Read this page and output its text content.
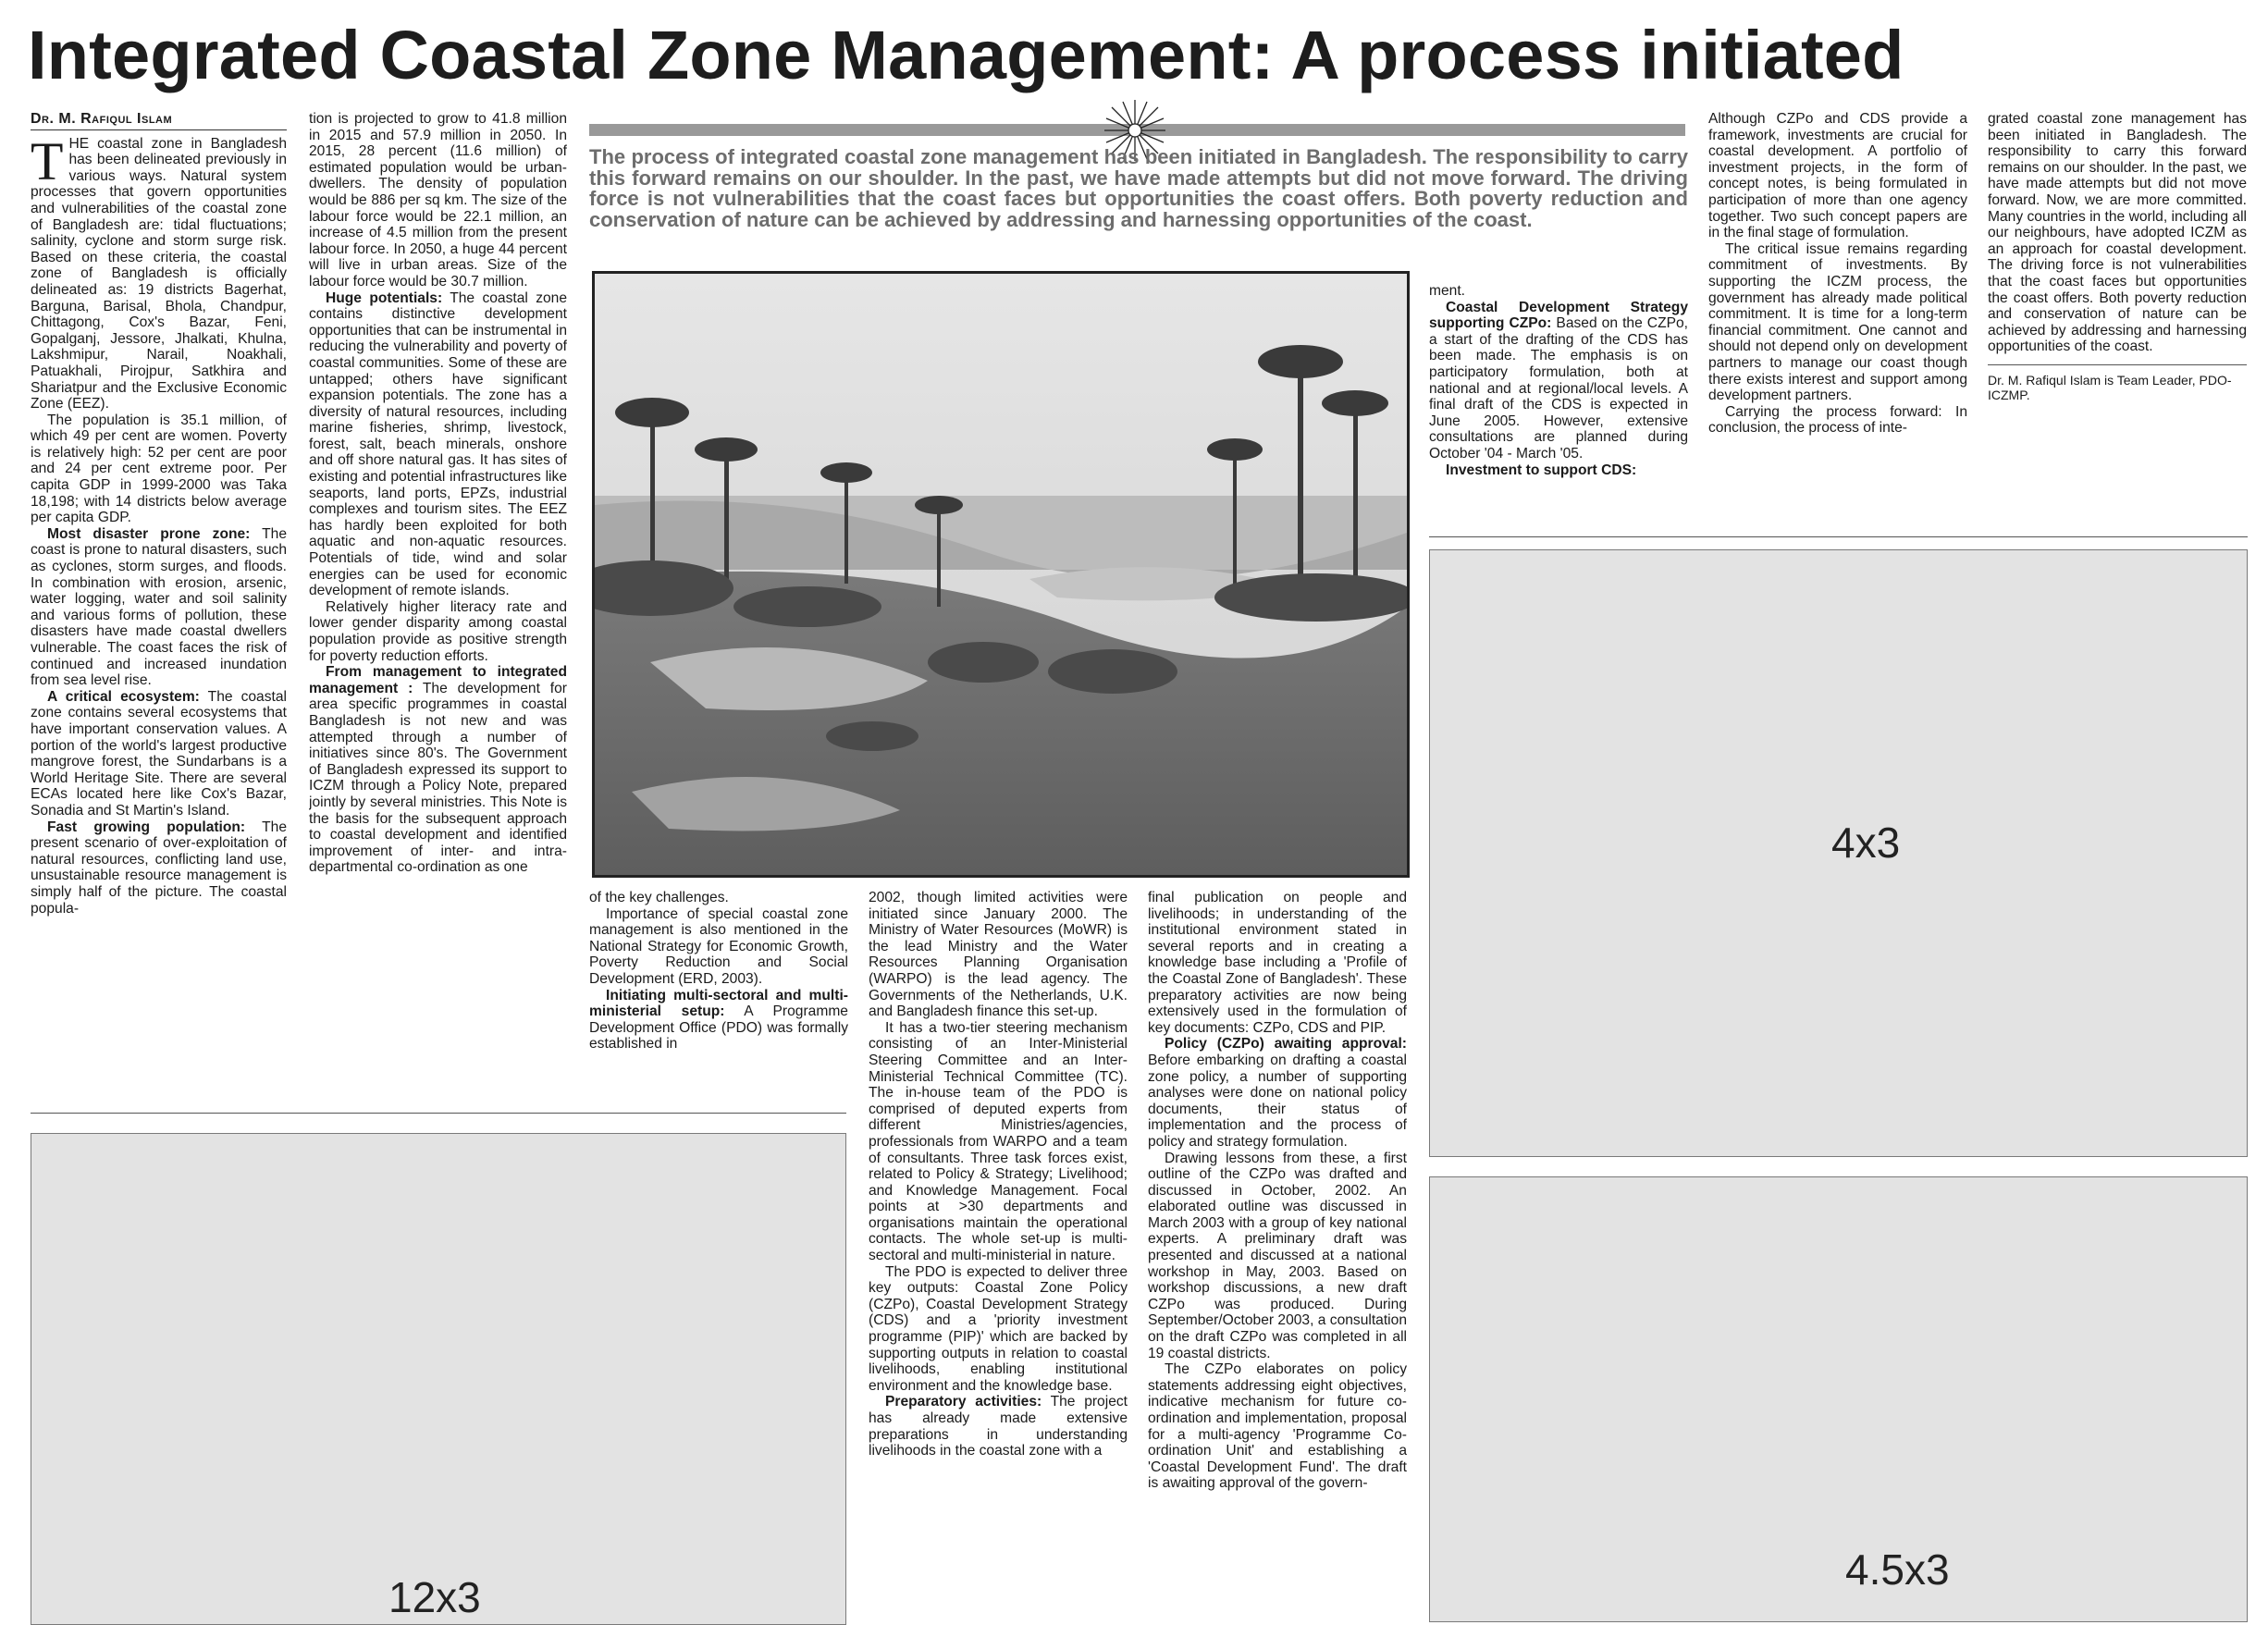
Integrated Coastal Zone Management: A process initiated
Dr. M. Rafiqul Islam

THE coastal zone in Bangladesh has been delineated previously in various ways. Natural system processes that govern opportunities and vulnerabilities of the coastal zone of Bangladesh are: tidal fluctuations; salinity, cyclone and storm surge risk. Based on these criteria, the coastal zone of Bangladesh is officially delineated as: 19 districts Bagerhat, Barguna, Barisal, Bhola, Chandpur, Chittagong, Cox's Bazar, Feni, Gopalganj, Jessore, Jhalkati, Khulna, Lakshmipur, Narail, Noakhali, Patuakhali, Pirojpur, Satkhira and Shariatpur and the Exclusive Economic Zone (EEZ).

The population is 35.1 million, of which 49 per cent are women. Poverty is relatively high: 52 per cent are poor and 24 per cent extreme poor. Per capita GDP in 1999-2000 was Taka 18,198; with 14 districts below average per capita GDP.

Most disaster prone zone: The coast is prone to natural disasters, such as cyclones, storm surges, and floods. In combination with erosion, arsenic, water logging, water and soil salinity and various forms of pollution, these disasters have made coastal dwellers vulnerable. The coast faces the risk of continued and increased inundation from sea level rise.

A critical ecosystem: The coastal zone contains several ecosystems that have important conservation values. A portion of the world's largest productive mangrove forest, the Sundarbans is a World Heritage Site. There are several ECAs located here like Cox's Bazar, Sonadia and St Martin's Island.

Fast growing population: The present scenario of over-exploitation of natural resources, conflicting land use, unsustainable resource management is simply half of the picture. The coastal popula-

tion is projected to grow to 41.8 million in 2015 and 57.9 million in 2050. In 2015, 28 percent (11.6 million) of estimated population would be urban-dwellers. The density of population would be 886 per sq km. The size of the labour force would be 22.1 million, an increase of 4.5 million from the present labour force. In 2050, a huge 44 percent will live in urban areas. Size of the labour force would be 30.7 million.

Huge potentials: The coastal zone contains distinctive development opportunities that can be instrumental in reducing the vulnerability and poverty of coastal communities. Some of these are untapped; others have significant expansion potentials. The zone has a diversity of natural resources, including marine fisheries, shrimp, livestock, forest, salt, beach minerals, onshore and off shore natural gas. It has sites of existing and potential infrastructures like seaports, land ports, EPZs, industrial complexes and tourism sites. The EEZ has hardly been exploited for both aquatic and non-aquatic resources. Potentials of tide, wind and solar energies can be used for economic development of remote islands.

Relatively higher literacy rate and lower gender disparity among coastal population provide as positive strength for poverty reduction efforts.

From management to integrated management : The development for area specific programmes in coastal Bangladesh is not new and was attempted through a number of initiatives since 80's. The Government of Bangladesh expressed its support to ICZM through a Policy Note, prepared jointly by several ministries. This Note is the basis for the subsequent approach to coastal development and identified improvement of inter- and intra-departmental co-ordination as one

The process of integrated coastal zone management has been initiated in Bangladesh. The responsibility to carry this forward remains on our shoulder. In the past, we have made attempts but did not move forward. The driving force is not vulnerabilities that the coast faces but opportunities the coast offers. Both poverty reduction and conservation of nature can be achieved by addressing and harnessing opportunities of the coast.

of the key challenges.

Importance of special coastal zone management is also mentioned in the National Strategy for Economic Growth, Poverty Reduction and Social Development (ERD, 2003).

Initiating multi-sectoral and multi-ministerial setup: A Programme Development Office (PDO) was formally established in

2002, though limited activities were initiated since January 2000. The Ministry of Water Resources (MoWR) is the lead Ministry and the Water Resources Planning Organisation (WARPO) is the lead agency. The Governments of the Netherlands, U.K. and Bangladesh finance this set-up.

It has a two-tier steering mechanism consisting of an Inter-Ministerial Steering Committee and an Inter-Ministerial Technical Committee (TC). The in-house team of the PDO is comprised of deputed experts from different Ministries/agencies, professionals from WARPO and a team of consultants. Three task forces exist, related to Policy & Strategy; Livelihood; and Knowledge Management. Focal points at >30 departments and organisations maintain the operational contacts. The whole set-up is multi-sectoral and multi-ministerial in nature.

The PDO is expected to deliver three key outputs: Coastal Zone Policy (CZPo), Coastal Development Strategy (CDS) and a 'priority investment programme (PIP)' which are backed by supporting outputs in relation to coastal livelihoods, enabling institutional environment and the knowledge base.

Preparatory activities: The project has already made extensive preparations in understanding livelihoods in the coastal zone with a

final publication on people and livelihoods; in understanding of the institutional environment stated in several reports and in creating a knowledge base including a 'Profile of the Coastal Zone of Bangladesh'. These preparatory activities are now being extensively used in the formulation of key documents: CZPo, CDS and PIP.

Policy (CZPo) awaiting approval: Before embarking on drafting a coastal zone policy, a number of supporting analyses were done on national policy documents, their status of implementation and the process of policy and strategy formulation.

Drawing lessons from these, a first outline of the CZPo was drafted and discussed in October, 2002. An elaborated outline was discussed in March 2003 with a group of key national experts. A preliminary draft was presented and discussed at a national workshop in May, 2003. Based on workshop discussions, a new draft CZPo was produced. During September/October 2003, a consultation on the draft CZPo was completed in all 19 coastal districts.

The CZPo elaborates on policy statements addressing eight objectives, indicative mechanism for future co-ordination and implementation, proposal for a multi-agency 'Programme Co-ordination Unit' and establishing a 'Coastal Development Fund'. The draft is awaiting approval of the govern-

ment.

Coastal Development Strategy supporting CZPo: Based on the CZPo, a start of the drafting of the CDS has been made. The emphasis is on participatory formulation, both at national and at regional/local levels. A final draft of the CDS is expected in June 2005. However, extensive consultations are planned during October '04 - March '05.

Investment to support CDS:

Although CZPo and CDS provide a framework, investments are crucial for coastal development. A portfolio of investment projects, in the form of concept notes, is being formulated in participation of more than one agency together. Two such concept papers are in the final stage of formulation.

The critical issue remains regarding commitment of investments. By supporting the ICZM process, the government has already made political commitment. It is time for a long-term financial commitment. One cannot and should not depend only on development partners to manage our coast though there exists interest and support among development partners.

Carrying the process forward: In conclusion, the process of inte-

grated coastal zone management has been initiated in Bangladesh. The responsibility to carry this forward remains on our shoulder. In the past, we have made attempts but did not move forward. Now, we are more committed. Many countries in the world, including all our neighbours, have adopted ICZM as an approach for coastal development. The driving force is not vulnerabilities that the coast faces but opportunities the coast offers. Both poverty reduction and conservation of nature can be achieved by addressing and harnessing opportunities of the coast.

Dr. M. Rafiqul Islam is Team Leader, PDO-ICZMP.

12x3
4x3
4.5x3
